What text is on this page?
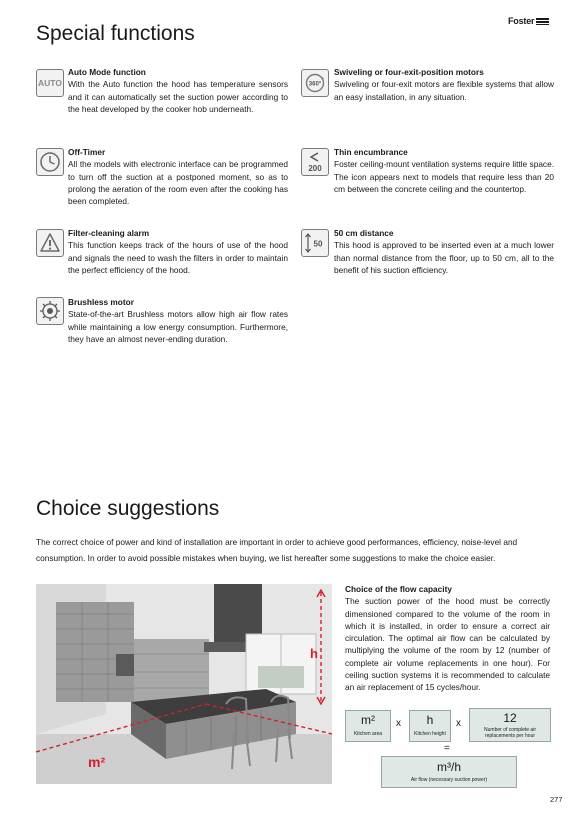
Foster
Special functions
AUTO
Auto Mode function
With the Auto function the hood has temperature sensors and it can automatically set the suction power according to the heat developed by the cooker hob underneath.
360°
Swiveling or four-exit-position motors
Swiveling or four-exit motors are flexible systems that allow an easy installation, in any situation.
Off-Timer
All the models with electronic interface can be programmed to turn off the suction at a postponed moment, so as to prolong the aeration of the room even after the cooking has been completed.
200
Thin encumbrance
Foster ceiling-mount ventilation systems require little space. The icon appears next to models that require less than 20 cm between the concrete ceiling and the countertop.
Filter-cleaning alarm
This function keeps track of the hours of use of the hood and signals the need to wash the filters in order to maintain the perfect efficiency of the hood.
50
50 cm distance
This hood is approved to be inserted even at a much lower than normal distance from the floor, up to 50 cm, all to the benefit of his suction efficiency.
Brushless motor
State-of-the-art Brushless motors allow high air flow rates while maintaining a low energy consumption. Furthermore, they have an almost never-ending duration.
Choice suggestions
The correct choice of power and kind of installation are important in order to achieve good performances, efficiency, noise-level and consumption. In order to avoid possible mistakes when buying, we list hereafter some suggestions to make the choice easier.
h
m²
Choice of the flow capacity
The suction power of the hood must be correctly dimensioned compared to the volume of the room in which it is installed, in order to ensure a correct air circulation. The optimal air flow can be calculated by multiplying the volume of the room by 12 (number of complete air volume replacements in one hour). For ceiling suction systems it is recommended to calculate an air replacement of 15 cycles/hour.
m²
Kitchen area
x	h
Kitchen height
x	12
Number of complete air replacements per hour
=
m³/h
Air flow (necessary suction power)
277
